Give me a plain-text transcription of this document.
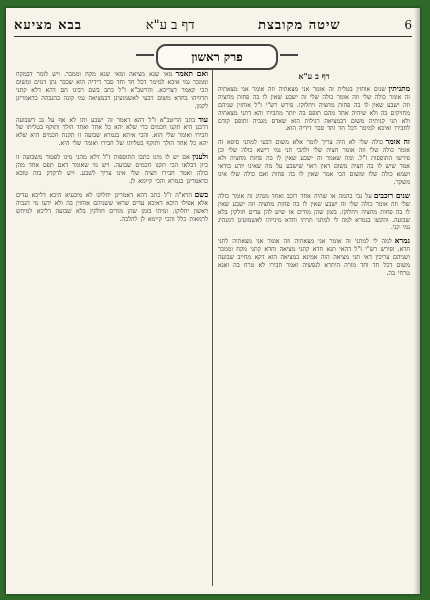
6
שיטה מקובצת
דף ב ע"א
בבא מציעא
פרק ראשון
דף ב ע"א
מתניתין שנים אוחזין בטלית זה אומר אני מצאתיה וזה אומר אני מצאתיה זה אומר כולה שלי וזה אומר כולה שלי זה ישבע שאין לו בה פחות מחציה וזה ישבע שאין לו בה פחות מחציה ויחלוקו. פירש רש"י ז"ל אוחזין שניהם מחזיקים בה ולא שיהיה אחד מהם תופס בה יותר מחבירו והא דתני מצאתיה ולא תני קניתיה משום דבמציאה רגילות הוא שאדם מגביה ותופס קודם לחבירו ואיכא למימר דכל חד וחד סבר דידיה הוא.
זה אומר כולה שלי לא היה צריך לומר אלא משום דבעי למתני סיפא זה אומר כולה שלי וזה אומר חציה שלי ולהכי תני נמי רישא כולה שלי וכן פירשו התוספות ז"ל. ומה שאמר זה ישבע שאין לו בה פחות מחציה ולא אמר שיש לו בה חציה משום דאין ראוי שישבע על מה שאינו יודע בודאי ושמא כולה שלו ומשום הכי אמר שאין לו בה פחות ואם כולה שלו אינו משקר.
שנים רוכבים על גבי בהמה או שהיה אחד רוכב ואחד מנהיג זה אומר כולה שלי וזה אומר כולה שלי זה ישבע שאין לו בה פחות מחציה וזה ישבע שאין לו בה פחות מחציה ויחלוקו. בזמן שהן מודים או שיש להן עדים חולקין בלא שבועה. והקשו בגמרא למה לי למתני תרתי וחדא מינייהו לאשמועינן דמנהיג נמי קני.
גמרא למה לי למתני זה אומר אני מצאתיה וזה אומר אני מצאתיה לתני חדא. ופירש רש"י ז"ל דהאי תנא חדא קתני מציאה וחדא קתני מקח וממכר ושניהם צריכין דאי תני מציאה הוה אמינא במציאה הוא דקא מחייב שבועה משום דכל חד וחד מורה היתרא לנפשיה ואמר חבירו לא טרח בה ואנא טרחי בה.
ואם תאמר מאי שנא מציאה ומאי שנא מקח וממכר. ויש לומר דבמקח וממכר נמי איכא למימר דכל חד וחד סבר דידיה הוא שכבר נתן דמים ומשום הכי קאמר דצריכא. והרשב"א ז"ל כתב בשם רבינו תם דהא דלא קתני תרוויהו בחדא משום דבעי לאשמועינן דבמציאה נמי קונה בהגבהה כדאמרינן לקמן.
עוד כתב הריטב"א ז"ל דהא דאמר זה ישבע ותו לא אף על גב דשבועה דרבנן היא תקנו חכמים כדי שלא יהא כל אחד ואחד הולך ותוקף בטליתו של חבירו ואומר שלי הוא. והכי איתא בגמרא שבועה זו תקנת חכמים היא שלא יהא כל אחד הולך ותוקף בטליתו של חבירו ואומר שלי היא.
ולענין אם יש לו מיגו כתבו התוספות ז"ל דלא מהני מיגו לפטור משבועה זו כיון דבלאו הכי תקנו חכמים שבועה. ויש מי שאומר דאם תפס אחד מהן כולה ואמר חבירו חציה שלי אינו צריך לשבע. ויש לדקדק בזה טובא כדאמרינן בגמרא והכי קיימא לן.
בשם הרא"ה ז"ל כתב דהא דאמרינן יחלוקו לא מיבעיא היכא דליכא עדים אלא אפילו היכא דאיכא עדים שראו ששניהם אוחזין בה ולא ידעו מי הגביה ראשון יחלוקו. ומיהו בזמן שהן מודים חולקין בלא שבועה דליכא למיחש לרמאות כלל והכי קיימא לן להלכה.
